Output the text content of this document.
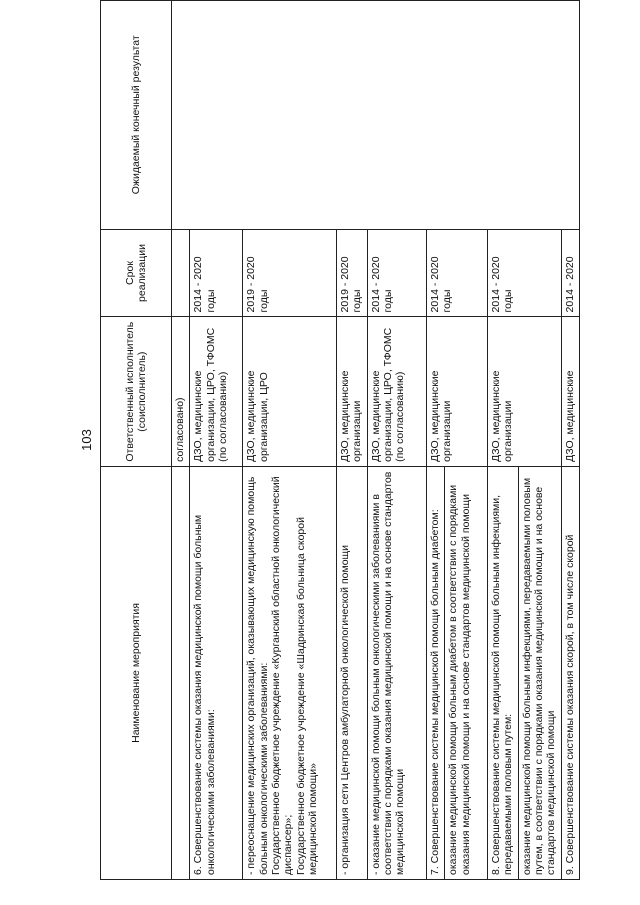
103
Наименование мероприятия	Ответственный исполнитель (соисполнитель)	Срок реализации	Ожидаемый конечный результат
	согласовано)		
6. Совершенствование системы оказания медицинской помощи больным онкологическими заболеваниями:	ДЗО, медицинские организации, ЦРО, ТФОМС (по согласованию)	2014 - 2020 годы	

- переоснащение медицинских организаций, оказывающих медицинскую помощь больным онкологическими заболеваниями: Государственное бюджетное учреждение «Курганский областной онкологический диспансер»; Государственное бюджетное учреждение «Шадринская больница скорой медицинской помощи»	ДЗО, медицинские организации, ЦРО	2019 - 2020 годы	
- организация сети Центров амбулаторной онкологической помощи	ДЗО, медицинские организации	2019 - 2020 годы	
- оказание медицинской помощи больным онкологическими заболеваниями в соответствии с порядками оказания медицинской помощи и на основе стандартов медицинской помощи	ДЗО, медицинские организации, ЦРО, ТФОМС (по согласованию)	2014 - 2020 годы	
7. Совершенствование системы медицинской помощи больным диабетом:	ДЗО, медицинские организации	2014 - 2020 годы	
оказание медицинской помощи больным диабетом в соответствии с порядками оказания медицинской помощи и на основе стандартов медицинской помощи			
8. Совершенствование системы медицинской помощи больным инфекциями, передаваемыми половым путем:	ДЗО, медицинские организации	2014 - 2020 годы	
оказание медицинской помощи больным инфекциями, передаваемыми половым путем, в соответствии с порядками оказания медицинской помощи и на основе стандартов медицинской помощи			
9. Совершенствование системы оказания скорой, в том числе скорой	ДЗО, медицинские	2014 - 2020	
